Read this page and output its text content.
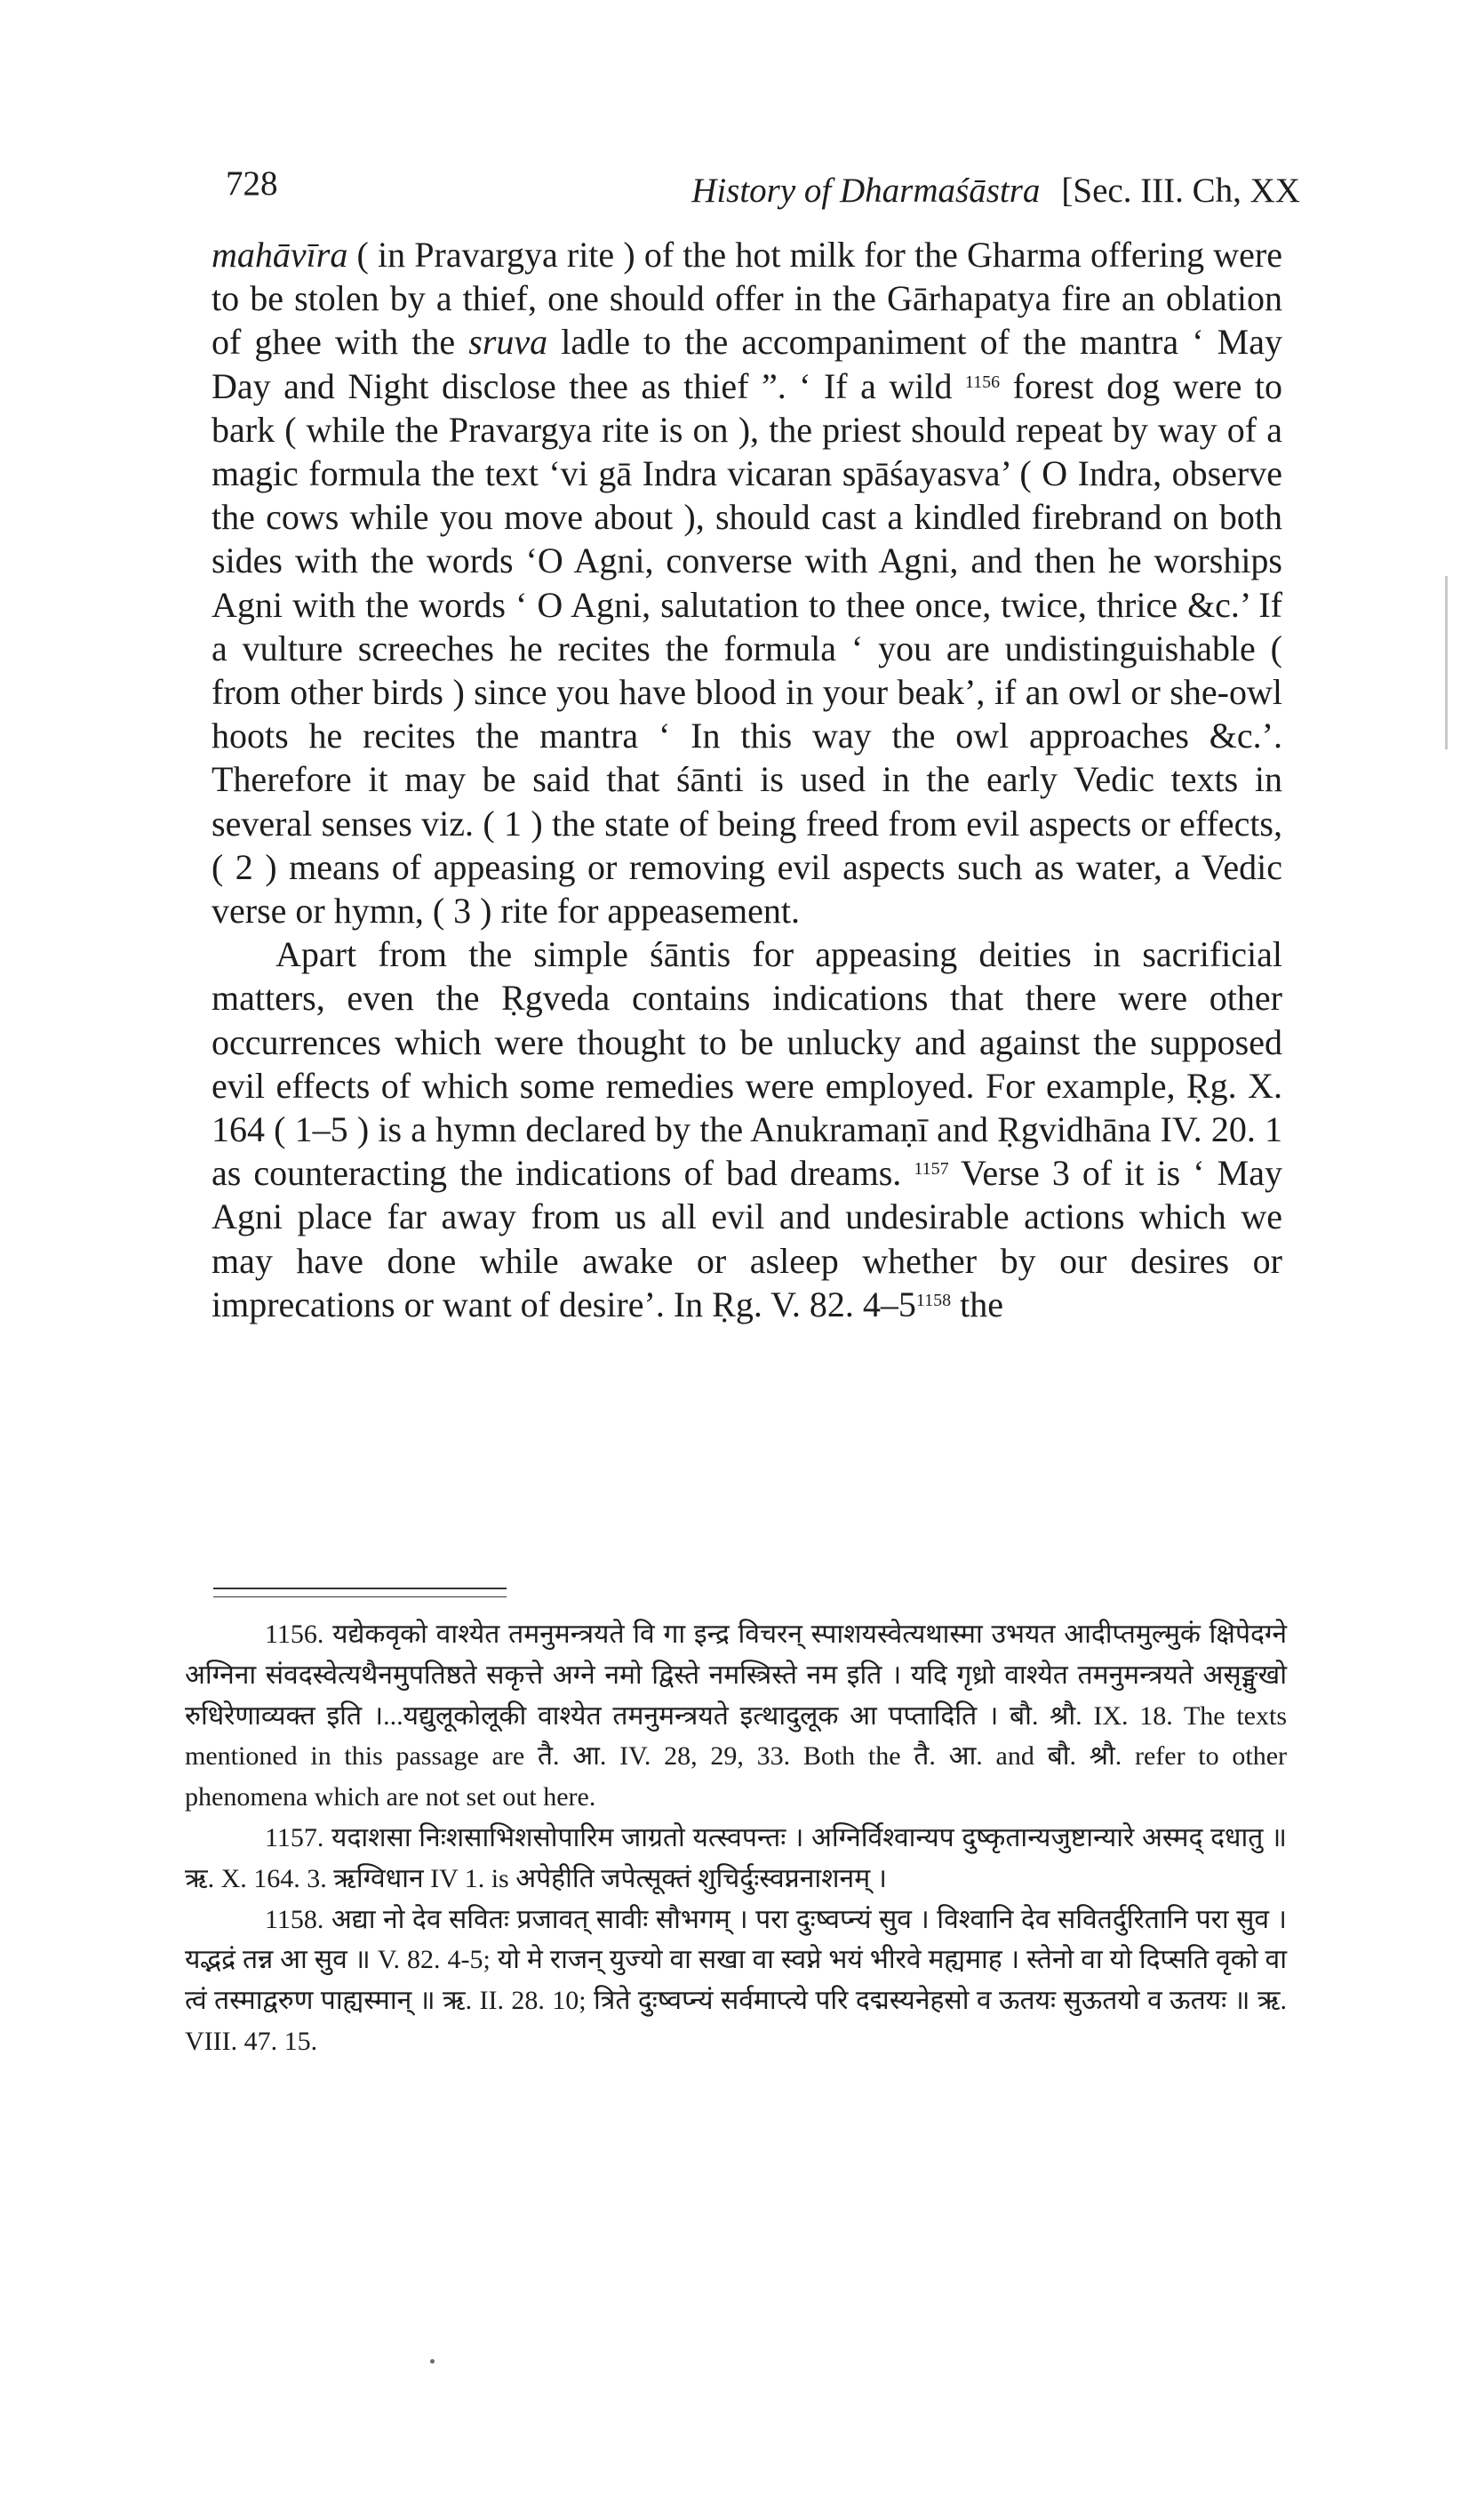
728	History of Dharmaśāstra [Sec. III. Ch, XX

mahāvīra ( in Pravargya rite ) of the hot milk for the Gharma offering were to be stolen by a thief, one should offer in the Gārhapatya fire an oblation of ghee with the sruva ladle to the accompaniment of the mantra ‘ May Day and Night disclose thee as thief ”. ‘ If a wild $^{1156}$ forest dog were to bark ( while the Pravargya rite is on ), the priest should repeat by way of a magic formula the text ‘vi gā Indra vicaran spāśayasva’ ( O Indra, observe the cows while you move about ), should cast a kindled firebrand on both sides with the words ‘O Agni, converse with Agni, and then he worships Agni with the words ‘ O Agni, salutation to thee once, twice, thrice &c.’ If a vulture screeches he recites the formula ‘ you are undistinguishable ( from other birds ) since you have blood in your beak’, if an owl or she-owl hoots he recites the mantra ‘ In this way the owl approaches &c.’. Therefore it may be said that śānti is used in the early Vedic texts in several senses viz. ( 1 ) the state of being freed from evil aspects or effects, ( 2 ) means of appeasing or removing evil aspects such as water, a Vedic verse or hymn, ( 3 ) rite for appeasement.

Apart from the simple śāntis for appeasing deities in sacrificial matters, even the Ṛgveda contains indications that there were other occurrences which were thought to be unlucky and against the supposed evil effects of which some remedies were employed. For example, Ṛg. X. 164 ( 1–5 ) is a hymn declared by the Anukramaṇī and Ṛgvidhāna IV. 20. 1 as counteracting the indications of bad dreams. $^{1157}$ Verse 3 of it is ‘ May Agni place far away from us all evil and undesirable actions which we may have done while awake or asleep whether by our desires or imprecations or want of desire’. In Ṛg. V. 82. 4–5$^{1158}$ the

1156. यद्येकवृको वाश्येत तमनुमन्त्रयते वि गा इन्द्र विचरन् स्पाशयस्वेत्यथास्मा उभयत आदीप्तमुल्मुकं क्षिपेदग्ने अग्निना संवदस्वेत्यथैनमुपतिष्ठते सकृत्ते अग्ने नमो द्विस्ते नमस्त्रिस्ते नम इति । यदि गृध्रो वाश्येत तमनुमन्त्रयते असृङ्मुखो रुधिरेणाव्यक्त इति ।...यद्युलूकोलूकी वाश्येत तमनुमन्त्रयते इत्थादुलूक आ पप्तादिति । बौ. श्रौ. IX. 18. The texts mentioned in this passage are तै. आ. IV. 28, 29, 33. Both the तै. आ. and बौ. श्रौ. refer to other phenomena which are not set out here.

1157. यदाशसा निःशसाभिशसोपारिम जाग्रतो यत्स्वपन्तः । अग्निर्विश्वान्यप दुष्कृतान्यजुष्टान्यारे अस्मद् दधातु ॥ ऋ. X. 164. 3. ऋग्विधान IV 1. is अपेहीति जपेत्सूक्तं शुचिर्दुःस्वप्ननाशनम् ।

1158. अद्या नो देव सवितः प्रजावत् सावीः सौभगम् । परा दुःष्वप्न्यं सुव । विश्वानि देव सवितर्दुरितानि परा सुव । यद्भद्रं तन्न आ सुव ॥ V. 82. 4-5; यो मे राजन् युज्यो वा सखा वा स्वप्ने भयं भीरवे मह्यमाह । स्तेनो वा यो दिप्सति वृको वा त्वं तस्माद्वरुण पाह्यस्मान् ॥ ऋ. II. 28. 10; त्रिते दुःष्वप्न्यं सर्वमाप्त्ये परि दद्मस्यनेहसो व ऊतयः सुऊतयो व ऊतयः ॥ ऋ. VIII. 47. 15.
